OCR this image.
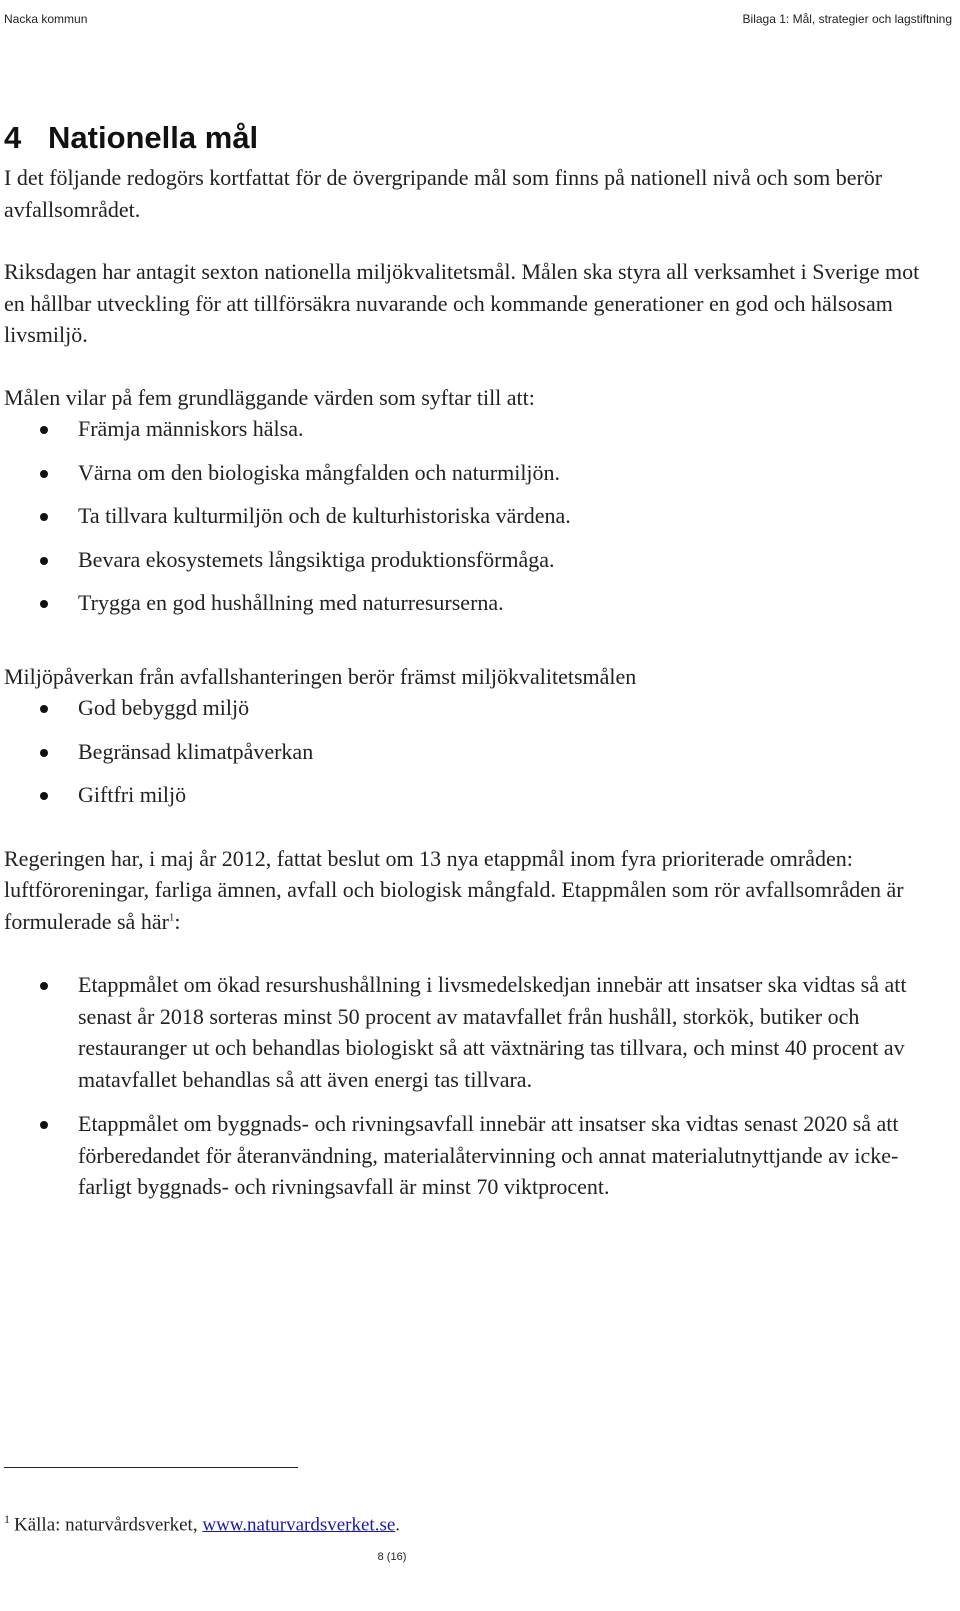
Nacka kommun	Bilaga 1: Mål, strategier och lagstiftning
4 Nationella mål

I det följande redogörs kortfattat för de övergripande mål som finns på nationell nivå och som berör avfallsområdet.

Riksdagen har antagit sexton nationella miljökvalitetsmål. Målen ska styra all verksamhet i Sverige mot en hållbar utveckling för att tillförsäkra nuvarande och kommande generationer en god och hälsosam livsmiljö.

Målen vilar på fem grundläggande värden som syftar till att:

Främja människors hälsa.
Värna om den biologiska mångfalden och naturmiljön.
Ta tillvara kulturmiljön och de kulturhistoriska värdena.
Bevara ekosystemets långsiktiga produktionsförmåga.
Trygga en god hushållning med naturresurserna.

Miljöpåverkan från avfallshanteringen berör främst miljökvalitetsmålen

God bebyggd miljö
Begränsad klimatpåverkan
Giftfri miljö

Regeringen har, i maj år 2012, fattat beslut om 13 nya etappmål inom fyra prioriterade områden: luftföroreningar, farliga ämnen, avfall och biologisk mångfald. Etappmålen som rör avfallsområden är formulerade så här$^1$:

Etappmålet om ökad resurshushållning i livsmedelskedjan innebär att insatser ska vidtas så att senast år 2018 sorteras minst 50 procent av matavfallet från hushåll, storkök, butiker och restauranger ut och behandlas biologiskt så att växtnäring tas tillvara, och minst 40 procent av matavfallet behandlas så att även energi tas tillvara.
Etappmålet om byggnads- och rivningsavfall innebär att insatser ska vidtas senast 2020 så att förberedandet för återanvändning, materialåtervinning och annat materialutnyttjande av icke-farligt byggnads- och rivningsavfall är minst 70 viktprocent.
$^1$ Källa: naturvårdsverket, www.naturvardsverket.se.
8 (16)
